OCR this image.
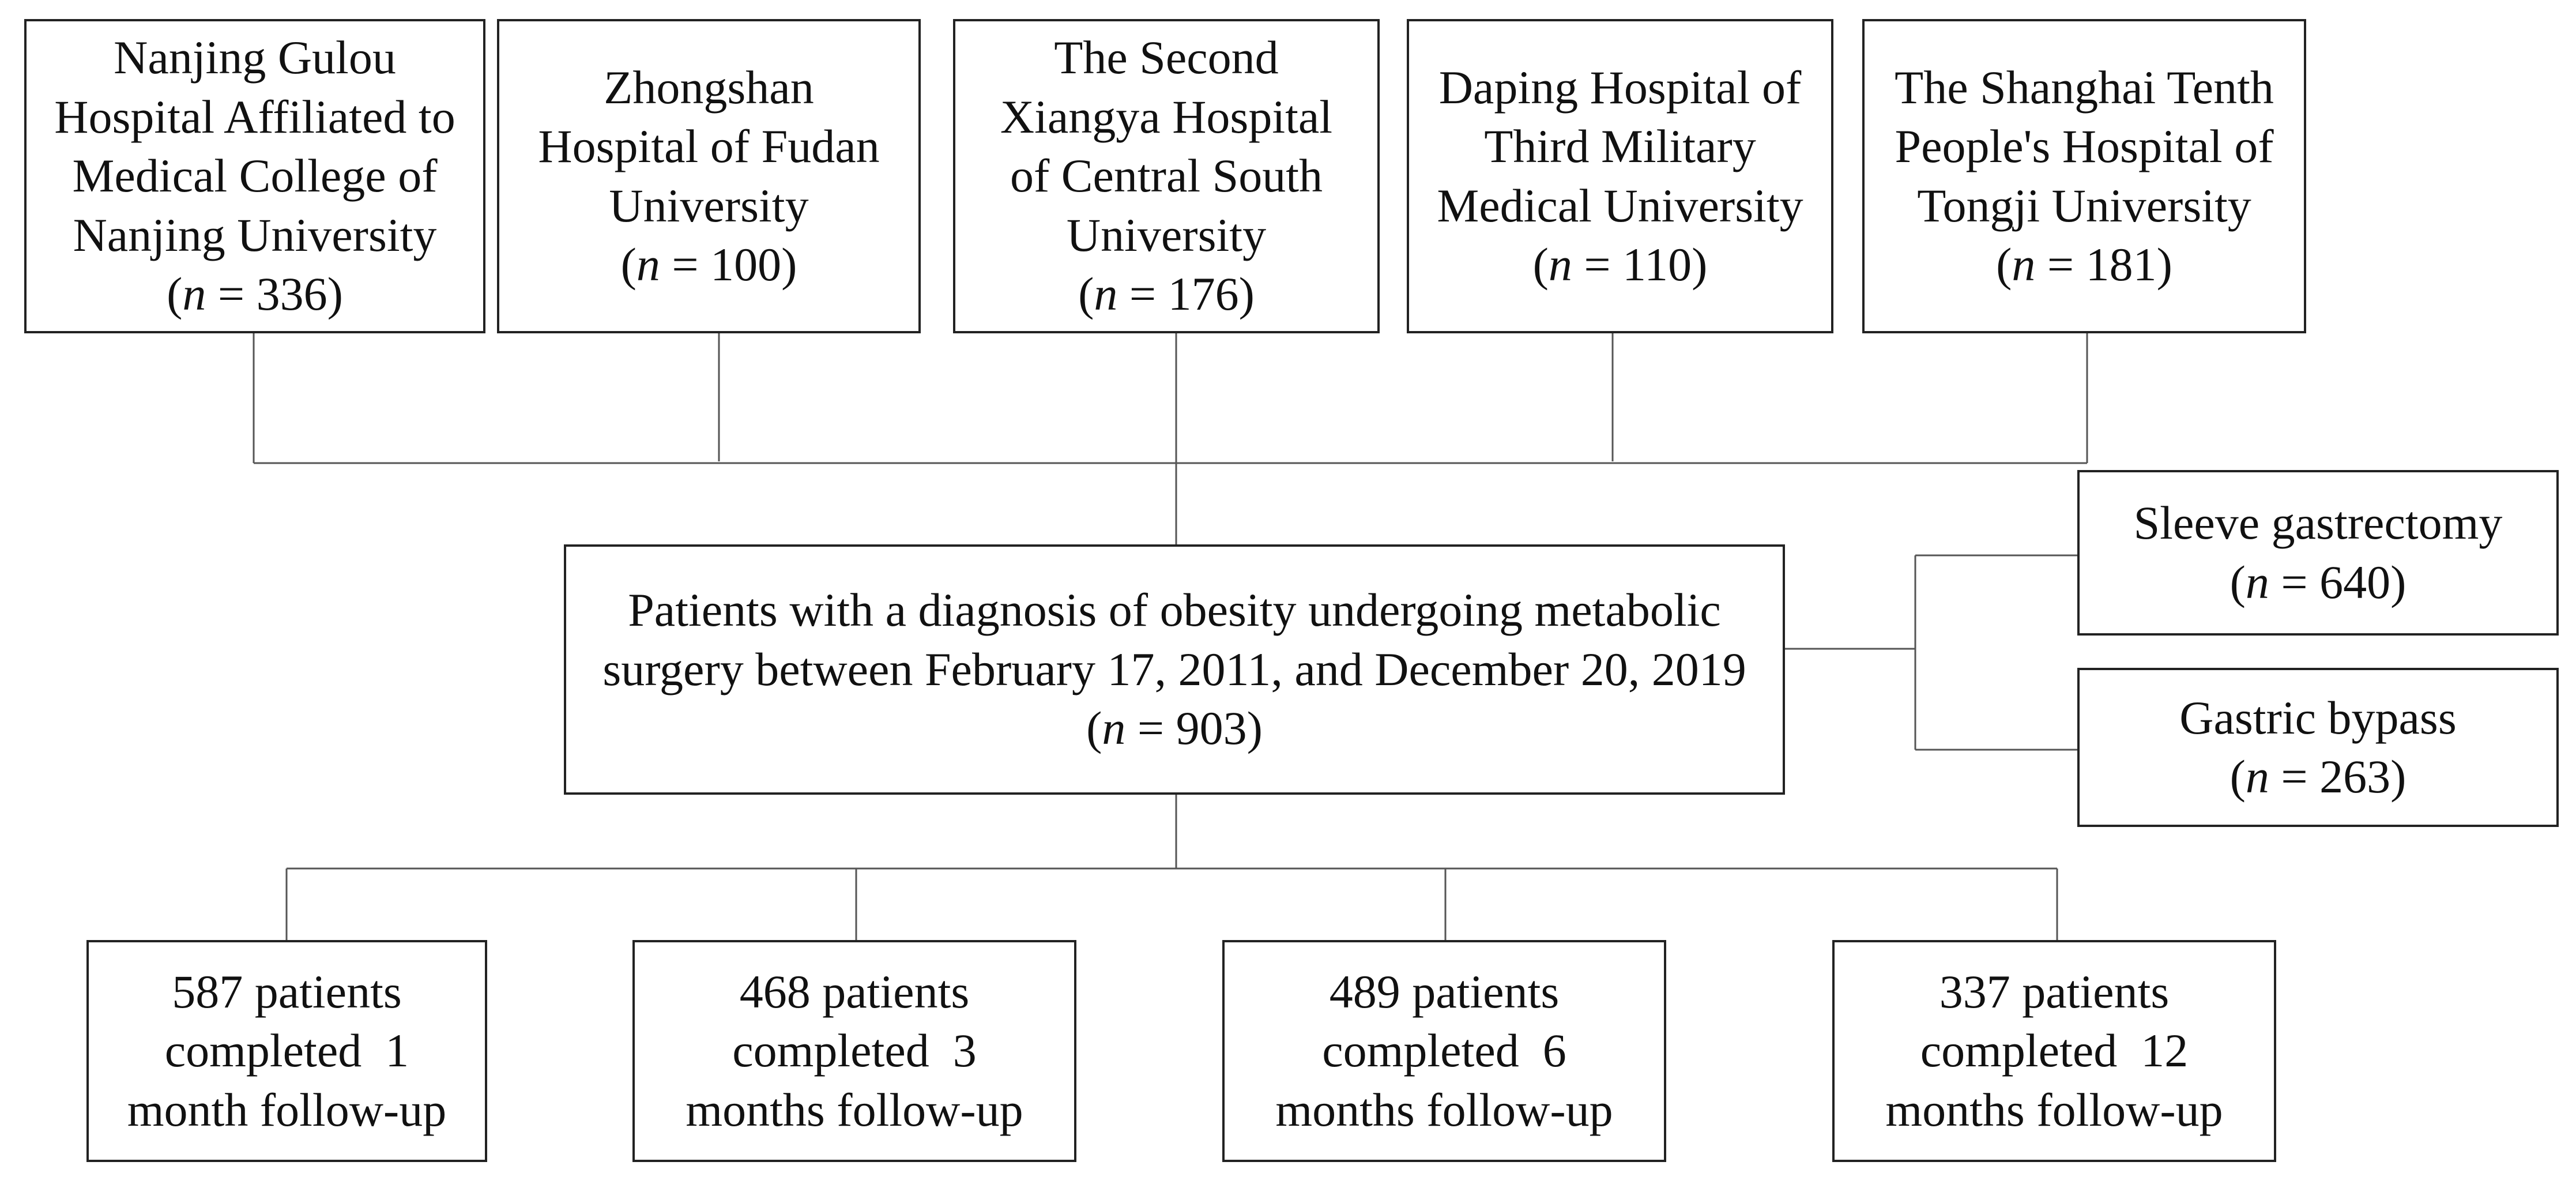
Nanjing Gulou
Hospital Affiliated to
Medical College of
Nanjing University
(n = 336)
Zhongshan
Hospital of Fudan
University
(n = 100)
The Second
Xiangya Hospital
of Central South
University
(n = 176)
Daping Hospital of
Third Military
Medical University
(n = 110)
The Shanghai Tenth
People's Hospital of
Tongji University
(n = 181)
Patients with a diagnosis of obesity undergoing metabolic
surgery between February 17, 2011, and December 20, 2019
(n = 903)
Sleeve gastrectomy
(n = 640)
Gastric bypass
(n = 263)
587 patients
completed  1
month follow-up
468 patients
completed  3
months follow-up
489 patients
completed  6
months follow-up
337 patients
completed  12
months follow-up
